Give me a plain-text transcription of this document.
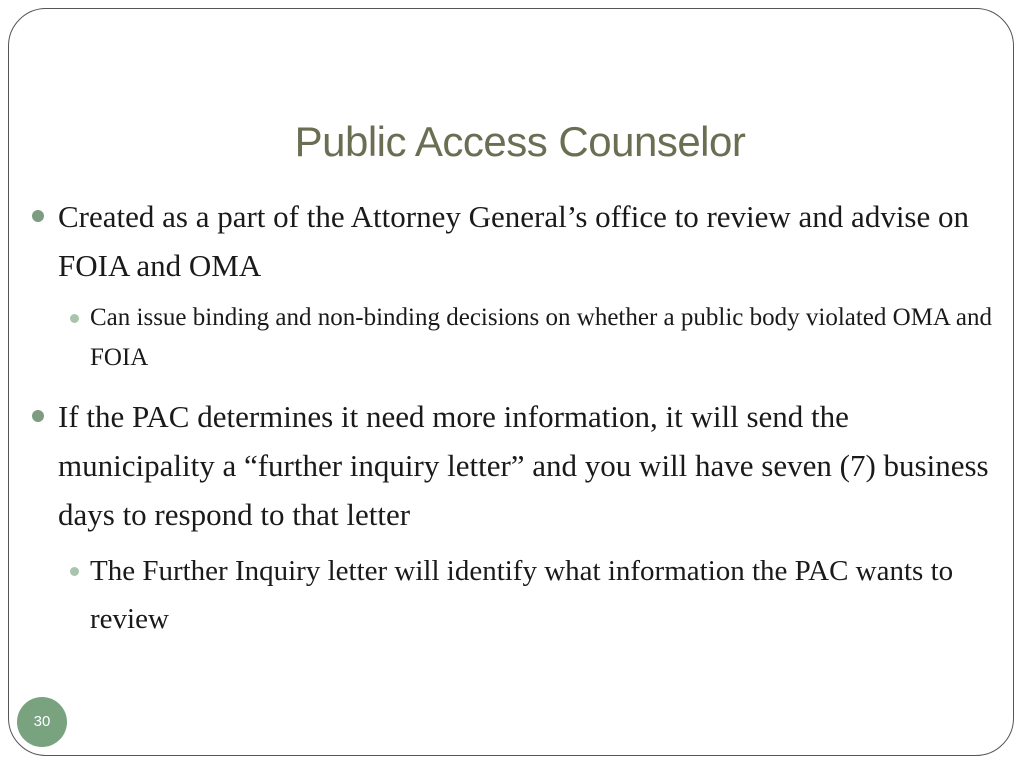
Public Access Counselor

Created as a part of the Attorney General’s office to review and advise on FOIA and OMA

Can issue binding and non-binding decisions on whether a public body violated OMA and FOIA

If the PAC determines it need more information, it will send the municipality a “further inquiry letter” and you will have seven (7) business days to respond to that letter

The Further Inquiry letter will identify what information the PAC wants to review

30
